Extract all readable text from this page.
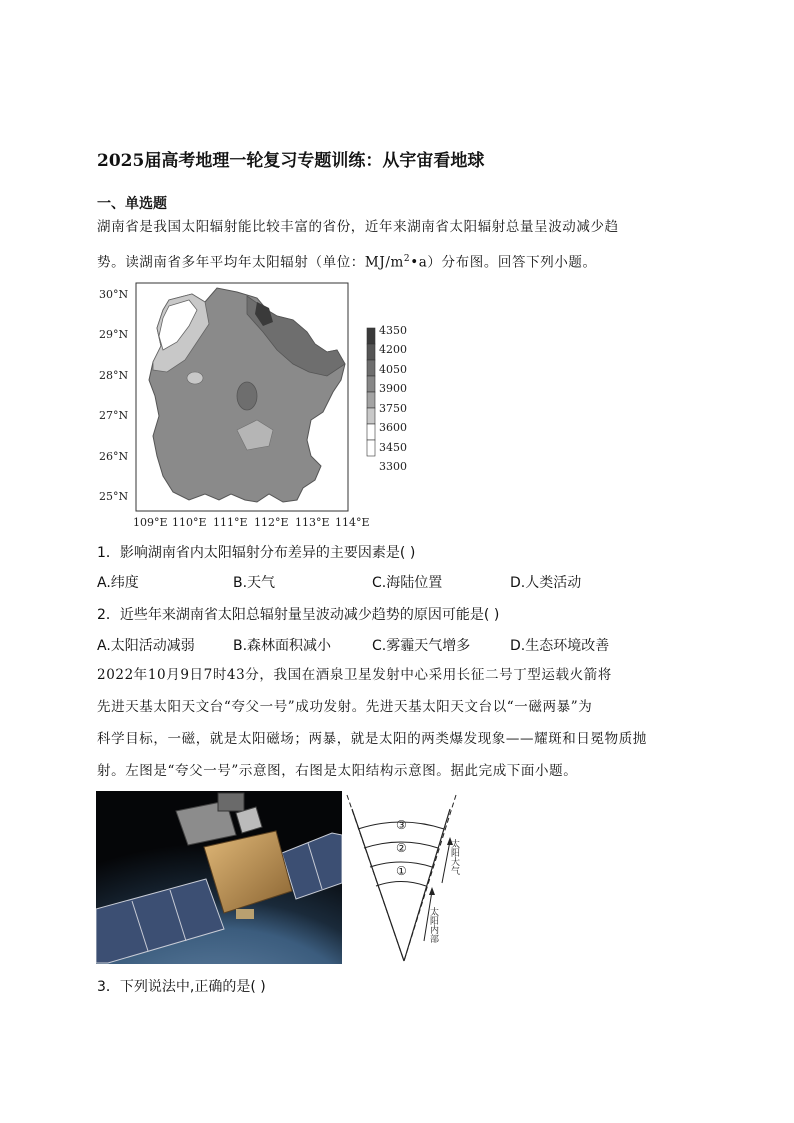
2025届高考地理一轮复习专题训练：从宇宙看地球
一、单选题
湖南省是我国太阳辐射能比较丰富的省份，近年来湖南省太阳辐射总量呈波动减少趋
势。读湖南省多年平均年太阳辐射（单位：$MJ/m^2•a$）分布图。回答下列小题。
30°N
29°N
28°N
27°N
26°N
25°N
109°E 110°E 111°E 112°E 113°E 114°E
4350
4200
4050
3900
3750
3600
3450
3300
1．影响湖南省内太阳辐射分布差异的主要因素是( )
A.纬度	B.天气	C.海陆位置	D.人类活动
2．近些年来湖南省太阳总辐射量呈波动减少趋势的原因可能是( )
A.太阳活动减弱	B.森林面积减小	C.雾霾天气增多	D.生态环境改善
2022年10月9日7时43分，我国在酒泉卫星发射中心采用长征二号丁型运载火箭将
先进天基太阳天文台“夸父一号”成功发射。先进天基太阳天文台以“一磁两暴”为
科学目标，一磁，就是太阳磁场；两暴，就是太阳的两类爆发现象——耀斑和日冕物质抛
射。左图是“夸父一号”示意图，右图是太阳结构示意图。据此完成下面小题。
③
②
①	太阳大气
太阳内部
3．下列说法中,正确的是( )
